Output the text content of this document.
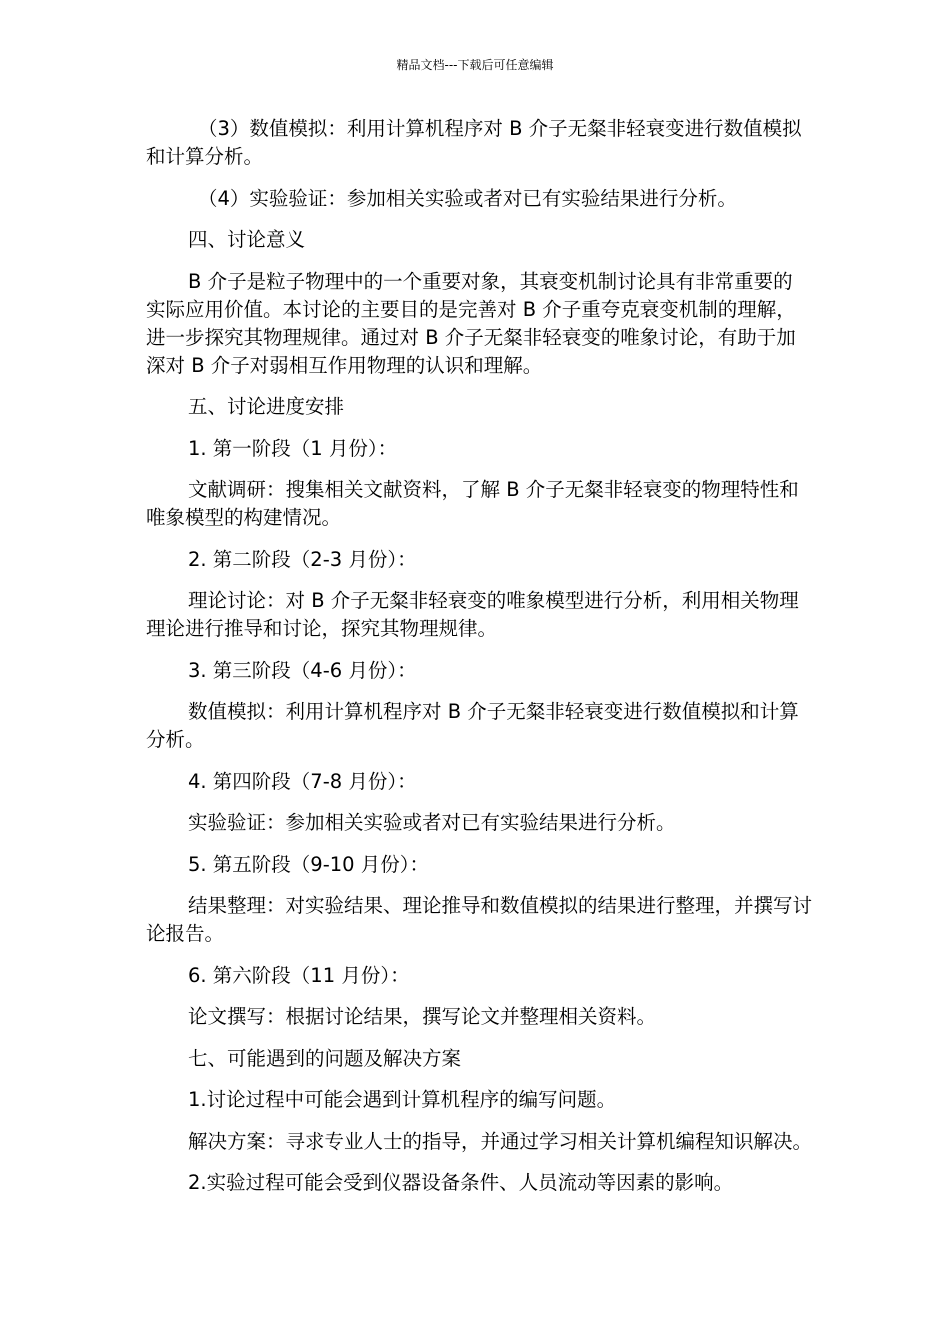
精品文档---下载后可任意编辑

（3）数值模拟：利用计算机程序对 B 介子无粲非轻衰变进行数值模拟和计算分析。

（4）实验验证：参加相关实验或者对已有实验结果进行分析。

四、讨论意义

B 介子是粒子物理中的一个重要对象，其衰变机制讨论具有非常重要的实际应用价值。本讨论的主要目的是完善对 B 介子重夸克衰变机制的理解，进一步探究其物理规律。通过对 B 介子无粲非轻衰变的唯象讨论，有助于加深对 B 介子对弱相互作用物理的认识和理解。

五、讨论进度安排

1. 第一阶段（1 月份）：

文献调研：搜集相关文献资料，了解 B 介子无粲非轻衰变的物理特性和唯象模型的构建情况。

2. 第二阶段（2-3 月份）：

理论讨论：对 B 介子无粲非轻衰变的唯象模型进行分析，利用相关物理理论进行推导和讨论，探究其物理规律。

3. 第三阶段（4-6 月份）：

数值模拟：利用计算机程序对 B 介子无粲非轻衰变进行数值模拟和计算分析。

4. 第四阶段（7-8 月份）：

实验验证：参加相关实验或者对已有实验结果进行分析。

5. 第五阶段（9-10 月份）：

结果整理：对实验结果、理论推导和数值模拟的结果进行整理，并撰写讨论报告。

6. 第六阶段（11 月份）：

论文撰写：根据讨论结果，撰写论文并整理相关资料。

七、可能遇到的问题及解决方案

1.讨论过程中可能会遇到计算机程序的编写问题。

解决方案：寻求专业人士的指导，并通过学习相关计算机编程知识解决。

2.实验过程可能会受到仪器设备条件、人员流动等因素的影响。
